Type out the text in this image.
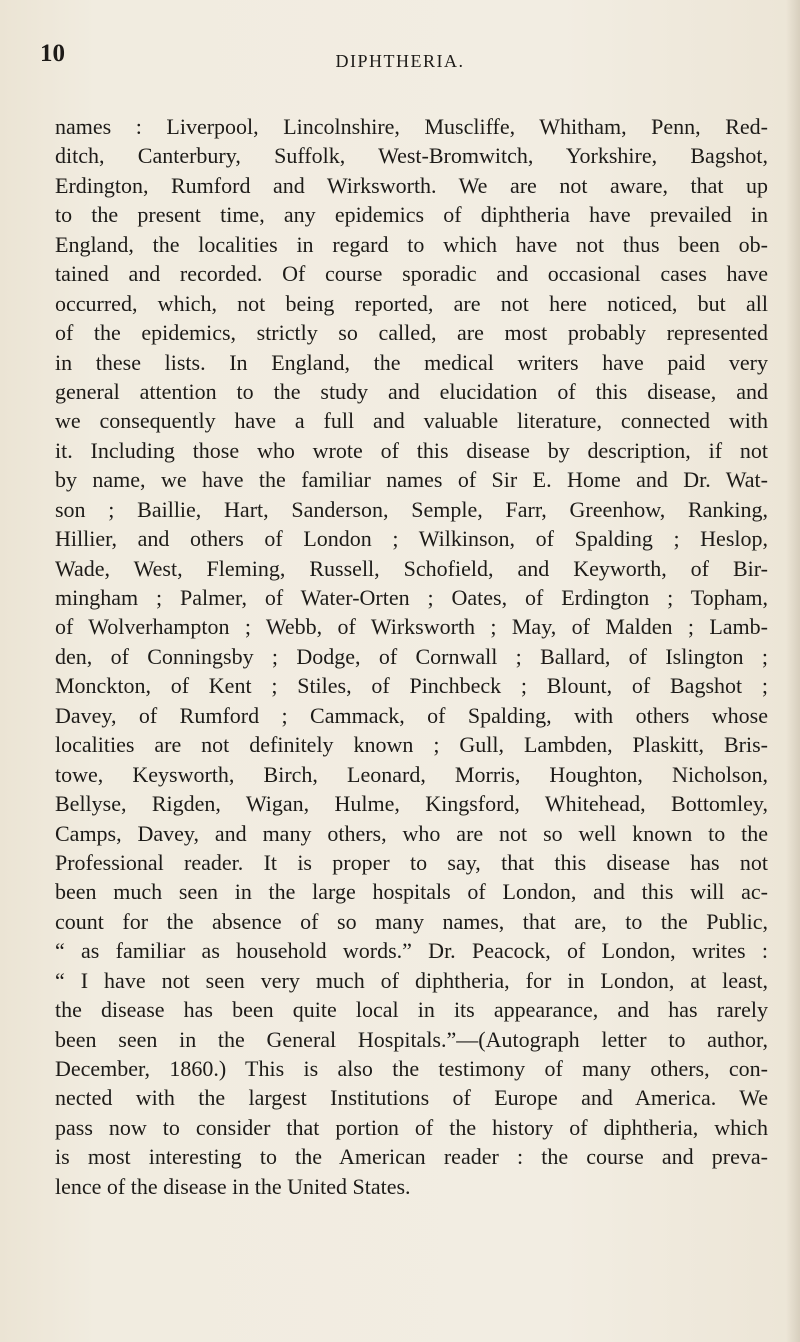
10	DIPHTHERIA.
names : Liverpool, Lincolnshire, Muscliffe, Whitham, Penn, Red-
ditch, Canterbury, Suffolk, West-Bromwitch, Yorkshire, Bagshot,
Erdington, Rumford and Wirksworth. We are not aware, that up
to the present time, any epidemics of diphtheria have prevailed in
England, the localities in regard to which have not thus been ob-
tained and recorded. Of course sporadic and occasional cases have
occurred, which, not being reported, are not here noticed, but all
of the epidemics, strictly so called, are most probably represented
in these lists. In England, the medical writers have paid very
general attention to the study and elucidation of this disease, and
we consequently have a full and valuable literature, connected with
it. Including those who wrote of this disease by description, if not
by name, we have the familiar names of Sir E. Home and Dr. Wat-
son ; Baillie, Hart, Sanderson, Semple, Farr, Greenhow, Ranking,
Hillier, and others of London ; Wilkinson, of Spalding ; Heslop,
Wade, West, Fleming, Russell, Schofield, and Keyworth, of Bir-
mingham ; Palmer, of Water-Orten ; Oates, of Erdington ; Topham,
of Wolverhampton ; Webb, of Wirksworth ; May, of Malden ; Lamb-
den, of Conningsby ; Dodge, of Cornwall ; Ballard, of Islington ;
Monckton, of Kent ; Stiles, of Pinchbeck ; Blount, of Bagshot ;
Davey, of Rumford ; Cammack, of Spalding, with others whose
localities are not definitely known ; Gull, Lambden, Plaskitt, Bris-
towe, Keysworth, Birch, Leonard, Morris, Houghton, Nicholson,
Bellyse, Rigden, Wigan, Hulme, Kingsford, Whitehead, Bottomley,
Camps, Davey, and many others, who are not so well known to the
Professional reader. It is proper to say, that this disease has not
been much seen in the large hospitals of London, and this will ac-
count for the absence of so many names, that are, to the Public,
“ as familiar as household words.” Dr. Peacock, of London, writes :
“ I have not seen very much of diphtheria, for in London, at least,
the disease has been quite local in its appearance, and has rarely
been seen in the General Hospitals.”—(Autograph letter to author,
December, 1860.) This is also the testimony of many others, con-
nected with the largest Institutions of Europe and America. We
pass now to consider that portion of the history of diphtheria, which
is most interesting to the American reader : the course and preva-
lence of the disease in the United States.
